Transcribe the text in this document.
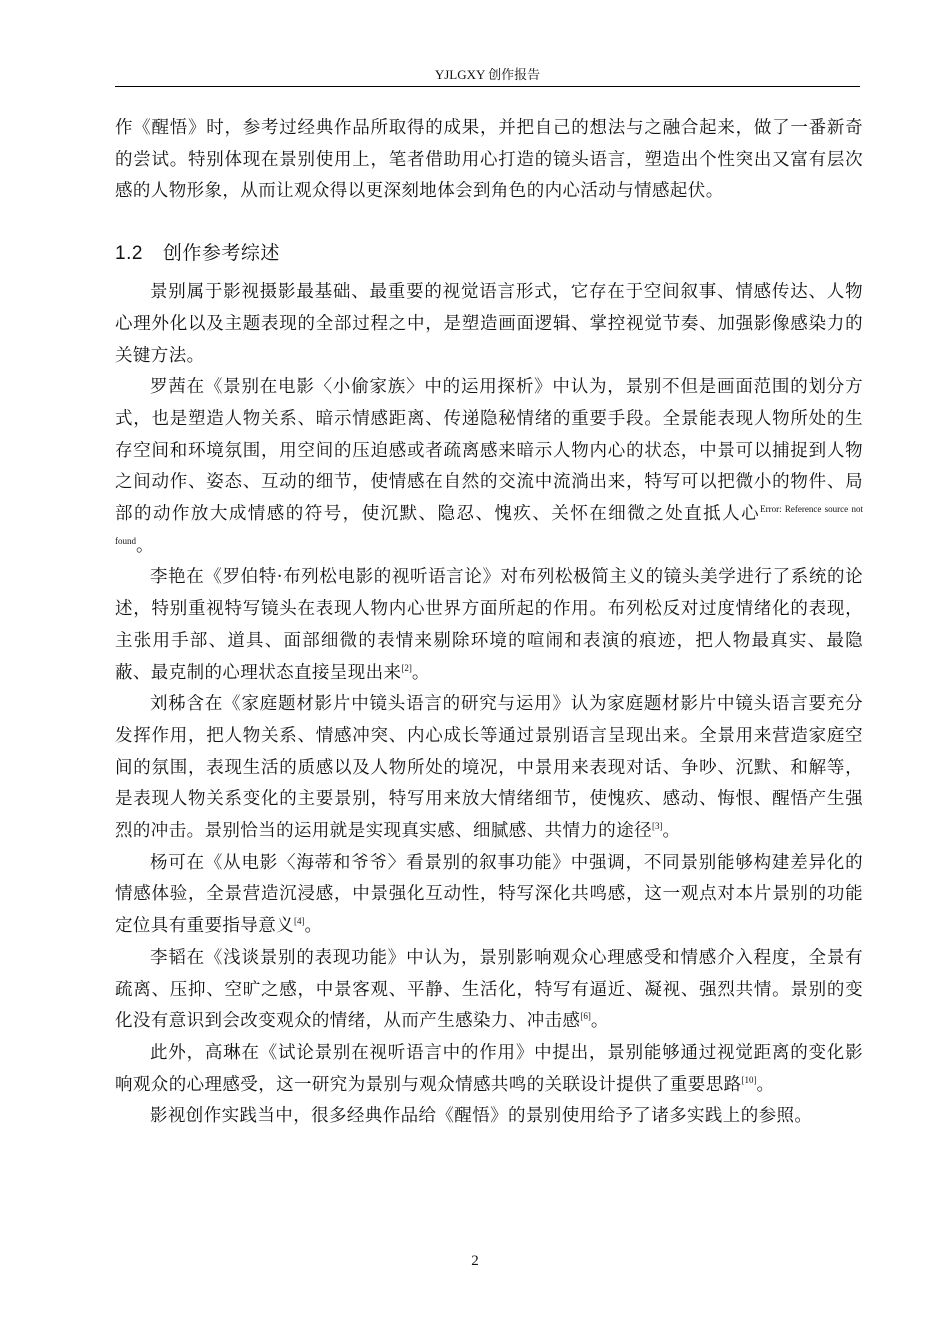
YJLGXY 创作报告

作《醒悟》时，参考过经典作品所取得的成果，并把自己的想法与之融合起来，做了一番新奇的尝试。特别体现在景别使用上，笔者借助用心打造的镜头语言，塑造出个性突出又富有层次感的人物形象，从而让观众得以更深刻地体会到角色的内心活动与情感起伏。

1.2 创作参考综述

景别属于影视摄影最基础、最重要的视觉语言形式，它存在于空间叙事、情感传达、人物心理外化以及主题表现的全部过程之中，是塑造画面逻辑、掌控视觉节奏、加强影像感染力的关键方法。

罗茜在《景别在电影〈小偷家族〉中的运用探析》中认为，景别不但是画面范围的划分方式，也是塑造人物关系、暗示情感距离、传递隐秘情绪的重要手段。全景能表现人物所处的生存空间和环境氛围，用空间的压迫感或者疏离感来暗示人物内心的状态，中景可以捕捉到人物之间动作、姿态、互动的细节，使情感在自然的交流中流淌出来，特写可以把微小的物件、局部的动作放大成情感的符号，使沉默、隐忍、愧疚、关怀在细微之处直抵人心$^{Error: Reference source not found}$。

李艳在《罗伯特·布列松电影的视听语言论》对布列松极简主义的镜头美学进行了系统的论述，特别重视特写镜头在表现人物内心世界方面所起的作用。布列松反对过度情绪化的表现，主张用手部、道具、面部细微的表情来剔除环境的喧闹和表演的痕迹，把人物最真实、最隐蔽、最克制的心理状态直接呈现出来[2]。

刘秭含在《家庭题材影片中镜头语言的研究与运用》认为家庭题材影片中镜头语言要充分发挥作用，把人物关系、情感冲突、内心成长等通过景别语言呈现出来。全景用来营造家庭空间的氛围，表现生活的质感以及人物所处的境况，中景用来表现对话、争吵、沉默、和解等，是表现人物关系变化的主要景别，特写用来放大情绪细节，使愧疚、感动、悔恨、醒悟产生强烈的冲击。景别恰当的运用就是实现真实感、细腻感、共情力的途径[3]。

杨可在《从电影〈海蒂和爷爷〉看景别的叙事功能》中强调，不同景别能够构建差异化的情感体验，全景营造沉浸感，中景强化互动性，特写深化共鸣感，这一观点对本片景别的功能定位具有重要指导意义[4]。

李韬在《浅谈景别的表现功能》中认为，景别影响观众心理感受和情感介入程度，全景有疏离、压抑、空旷之感，中景客观、平静、生活化，特写有逼近、凝视、强烈共情。景别的变化没有意识到会改变观众的情绪，从而产生感染力、冲击感[6]。

此外，高琳在《试论景别在视听语言中的作用》中提出，景别能够通过视觉距离的变化影响观众的心理感受，这一研究为景别与观众情感共鸣的关联设计提供了重要思路[10]。

影视创作实践当中，很多经典作品给《醒悟》的景别使用给予了诸多实践上的参照。

2
